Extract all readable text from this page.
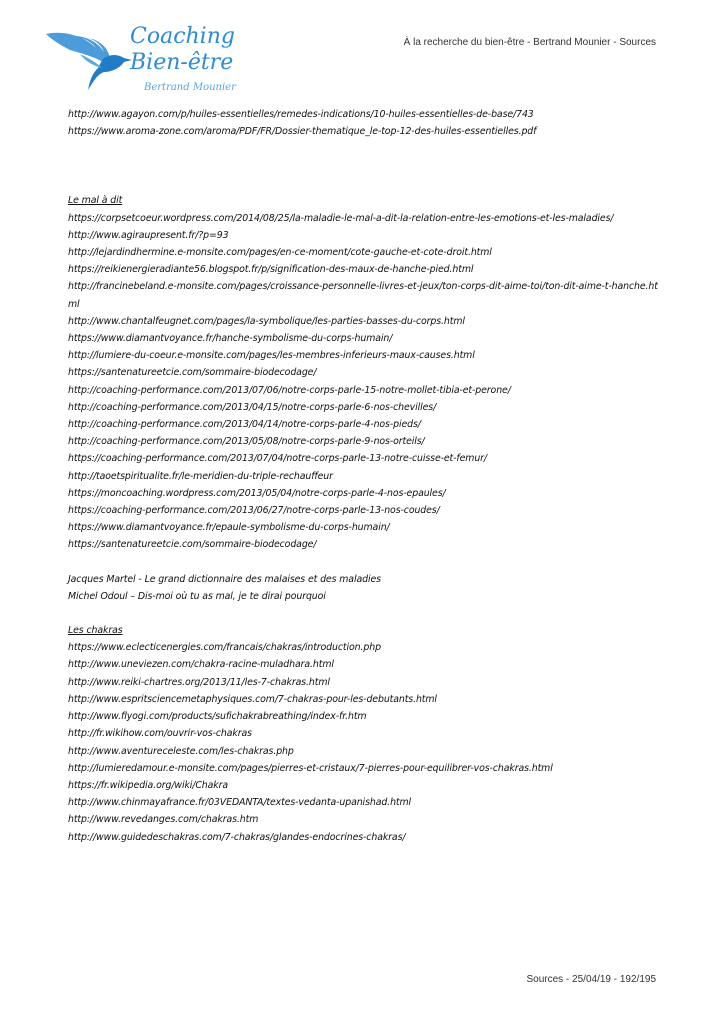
Coaching
Bien-être
Bertrand Mounier
À la recherche du bien-être - Bertrand Mounier - Sources
http://www.agayon.com/p/huiles-essentielles/remedes-indications/10-huiles-essentielles-de-base/743
https://www.aroma-zone.com/aroma/PDF/FR/Dossier-thematique_le-top-12-des-huiles-essentielles.pdf
Le mal à dit
https://corpsetcoeur.wordpress.com/2014/08/25/la-maladie-le-mal-a-dit-la-relation-entre-les-emotions-et-les-maladies/
http://www.agiraupresent.fr/?p=93
http://lejardindhermine.e-monsite.com/pages/en-ce-moment/cote-gauche-et-cote-droit.html
https://reikienergieradiante56.blogspot.fr/p/signification-des-maux-de-hanche-pied.html
http://francinebeland.e-monsite.com/pages/croissance-personnelle-livres-et-jeux/ton-corps-dit-aime-toi/ton-dit-aime-t-hanche.html
http://www.chantalfeugnet.com/pages/la-symbolique/les-parties-basses-du-corps.html
https://www.diamantvoyance.fr/hanche-symbolisme-du-corps-humain/
http://lumiere-du-coeur.e-monsite.com/pages/les-membres-inferieurs-maux-causes.html
https://santenatureetcie.com/sommaire-biodecodage/
http://coaching-performance.com/2013/07/06/notre-corps-parle-15-notre-mollet-tibia-et-perone/
http://coaching-performance.com/2013/04/15/notre-corps-parle-6-nos-chevilles/
http://coaching-performance.com/2013/04/14/notre-corps-parle-4-nos-pieds/
http://coaching-performance.com/2013/05/08/notre-corps-parle-9-nos-orteils/
https://coaching-performance.com/2013/07/04/notre-corps-parle-13-notre-cuisse-et-femur/
http://taoetspiritualite.fr/le-meridien-du-triple-rechauffeur
https://moncoaching.wordpress.com/2013/05/04/notre-corps-parle-4-nos-epaules/
https://coaching-performance.com/2013/06/27/notre-corps-parle-13-nos-coudes/
https://www.diamantvoyance.fr/epaule-symbolisme-du-corps-humain/
https://santenatureetcie.com/sommaire-biodecodage/
Jacques Martel - Le grand dictionnaire des malaises et des maladies
Michel Odoul – Dis-moi où tu as mal, je te dirai pourquoi
Les chakras
https://www.eclecticenergies.com/francais/chakras/introduction.php
http://www.uneviezen.com/chakra-racine-muladhara.html
http://www.reiki-chartres.org/2013/11/les-7-chakras.html
http://www.espritsciencemetaphysiques.com/7-chakras-pour-les-debutants.html
http://www.flyogi.com/products/sufichakrabreathing/index-fr.htm
http://fr.wikihow.com/ouvrir-vos-chakras
http://www.aventureceleste.com/les-chakras.php
http://lumieredamour.e-monsite.com/pages/pierres-et-cristaux/7-pierres-pour-equilibrer-vos-chakras.html
https://fr.wikipedia.org/wiki/Chakra
http://www.chinmayafrance.fr/03VEDANTA/textes-vedanta-upanishad.html
http://www.revedanges.com/chakras.htm
http://www.guidedeschakras.com/7-chakras/glandes-endocrines-chakras/
Sources - 25/04/19 - 192/195
